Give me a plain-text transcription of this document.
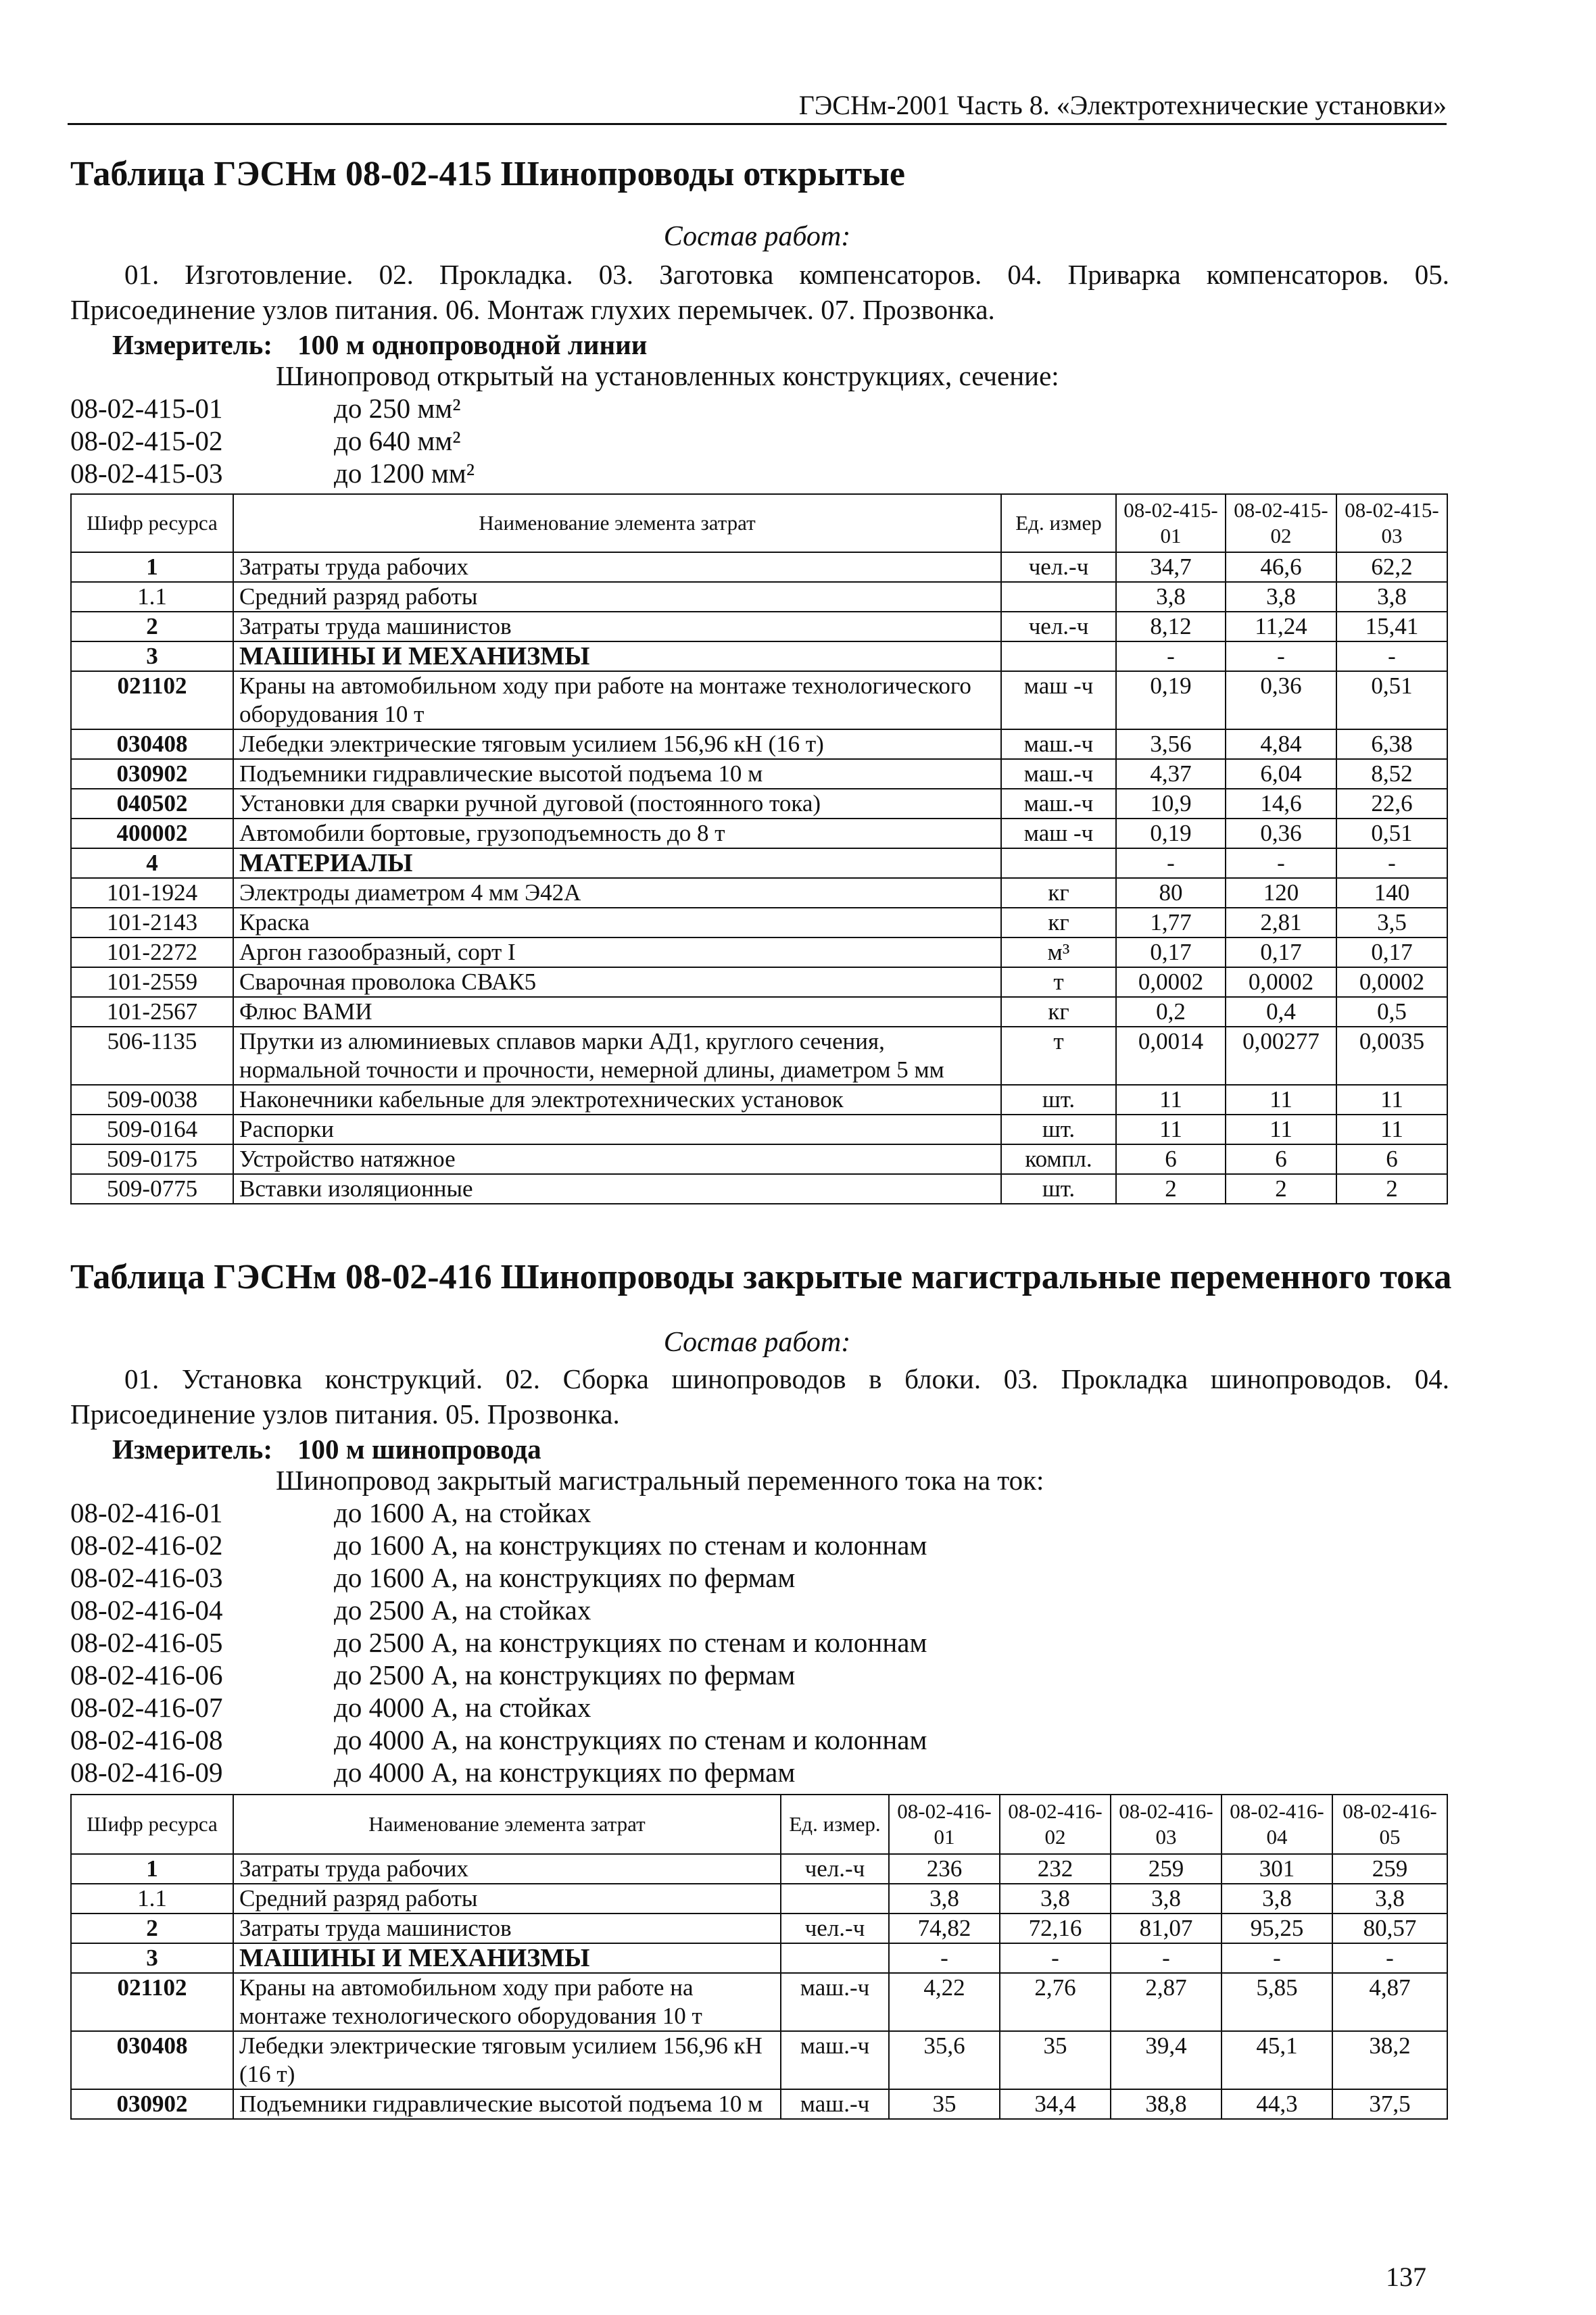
ГЭСНм-2001 Часть 8. «Электротехнические установки»
Таблица ГЭСНм 08-02-415 Шинопроводы открытые
Состав работ:
01. Изготовление. 02. Прокладка. 03. Заготовка компенсаторов. 04. Приварка компенсаторов. 05. Присоединение узлов питания. 06. Монтаж глухих перемычек. 07. Прозвонка.
Измеритель: 100 м однопроводной линии
Шинопровод открытый на установленных конструкциях, сечение:
08-02-415-01	до 250 мм²
08-02-415-02	до 640 мм²
08-02-415-03	до 1200 мм²
Шифр ресурса	Наименование элемента затрат	Ед. измер	08-02-415-01	08-02-415-02	08-02-415-03
1	Затраты труда рабочих	чел.-ч	34,7	46,6	62,2
1.1	Средний разряд работы		3,8	3,8	3,8
2	Затраты труда машинистов	чел.-ч	8,12	11,24	15,41
3	МАШИНЫ И МЕХАНИЗМЫ		-	-	-
021102	Краны на автомобильном ходу при работе на монтаже технологического оборудования 10 т	маш -ч	0,19	0,36	0,51
030408	Лебедки электрические тяговым усилием 156,96 кН (16 т)	маш.-ч	3,56	4,84	6,38
030902	Подъемники гидравлические высотой подъема 10 м	маш.-ч	4,37	6,04	8,52
040502	Установки для сварки ручной дуговой (постоянного тока)	маш.-ч	10,9	14,6	22,6
400002	Автомобили бортовые, грузоподъемность до 8 т	маш -ч	0,19	0,36	0,51
4	МАТЕРИАЛЫ		-	-	-
101-1924	Электроды диаметром 4 мм Э42А	кг	80	120	140
101-2143	Краска	кг	1,77	2,81	3,5
101-2272	Аргон газообразный, сорт I	м³	0,17	0,17	0,17
101-2559	Сварочная проволока СВАК5	т	0,0002	0,0002	0,0002
101-2567	Флюс ВАМИ	кг	0,2	0,4	0,5
506-1135	Прутки из алюминиевых сплавов марки АД1, круглого сечения, нормальной точности и прочности, немерной длины, диаметром 5 мм	т	0,0014	0,00277	0,0035
509-0038	Наконечники кабельные для электротехнических установок	шт.	11	11	11
509-0164	Распорки	шт.	11	11	11
509-0175	Устройство натяжное	компл.	6	6	6
509-0775	Вставки изоляционные	шт.	2	2	2
Таблица ГЭСНм 08-02-416 Шинопроводы закрытые магистральные переменного тока
Состав работ:
01. Установка конструкций. 02. Сборка шинопроводов в блоки. 03. Прокладка шинопроводов. 04. Присоединение узлов питания. 05. Прозвонка.
Измеритель: 100 м шинопровода
Шинопровод закрытый магистральный переменного тока на ток:
08-02-416-01	до 1600 А, на стойках
08-02-416-02	до 1600 А, на конструкциях по стенам и колоннам
08-02-416-03	до 1600 А, на конструкциях по фермам
08-02-416-04	до 2500 А, на стойках
08-02-416-05	до 2500 А, на конструкциях по стенам и колоннам
08-02-416-06	до 2500 А, на конструкциях по фермам
08-02-416-07	до 4000 А, на стойках
08-02-416-08	до 4000 А, на конструкциях по стенам и колоннам
08-02-416-09	до 4000 А, на конструкциях по фермам
Шифр ресурса	Наименование элемента затрат	Ед. измер.	08-02-416-01	08-02-416-02	08-02-416-03	08-02-416-04	08-02-416-05
1	Затраты труда рабочих	чел.-ч	236	232	259	301	259
1.1	Средний разряд работы		3,8	3,8	3,8	3,8	3,8
2	Затраты труда машинистов	чел.-ч	74,82	72,16	81,07	95,25	80,57
3	МАШИНЫ И МЕХАНИЗМЫ		-	-	-	-	-
021102	Краны на автомобильном ходу при работе на монтаже технологического оборудования 10 т	маш.-ч	4,22	2,76	2,87	5,85	4,87
030408	Лебедки электрические тяговым усилием 156,96 кН (16 т)	маш.-ч	35,6	35	39,4	45,1	38,2
030902	Подъемники гидравлические высотой подъема 10 м	маш.-ч	35	34,4	38,8	44,3	37,5
137
